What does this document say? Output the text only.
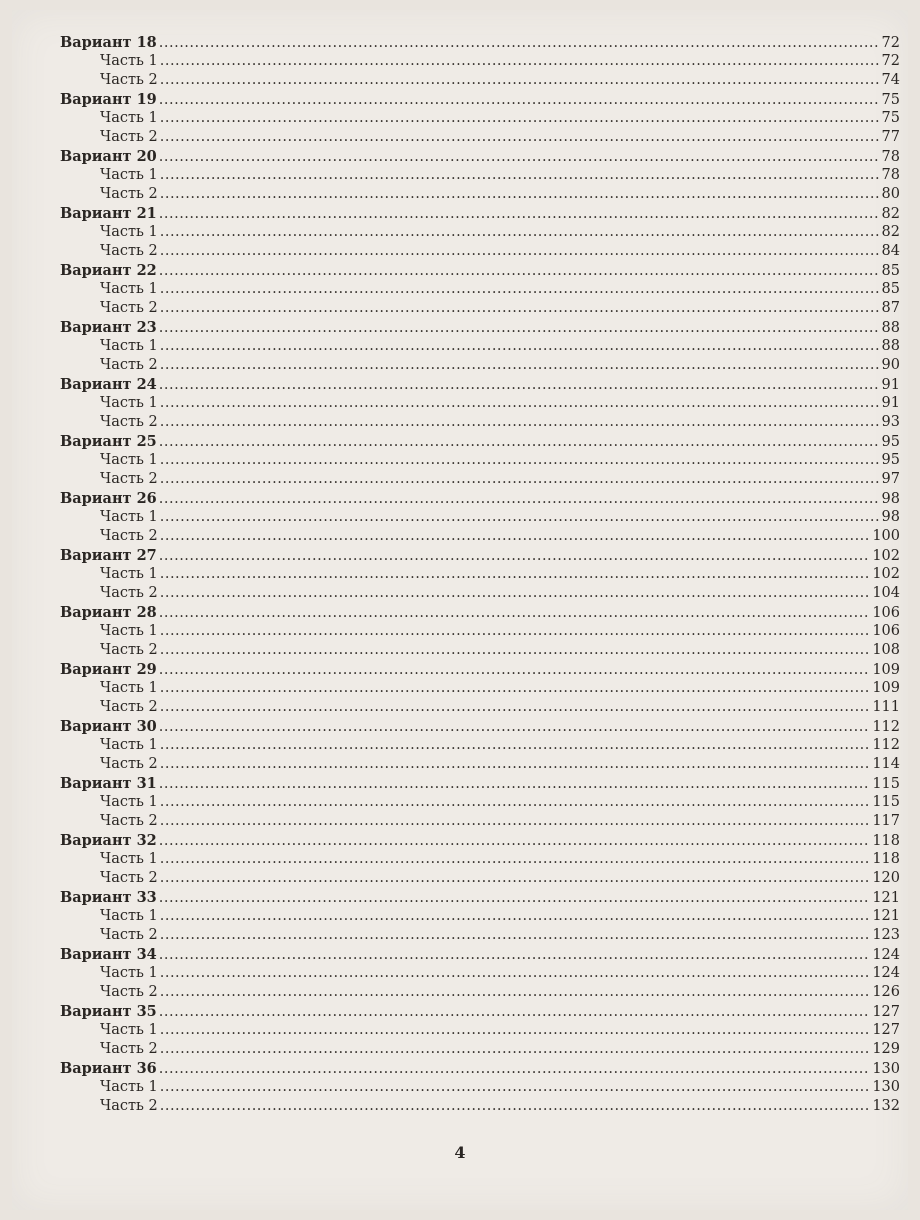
Вариант 18 .....	72
Часть 1 .....	72
Часть 2 .....	74
Вариант 19 .....	75
Часть 1 .....	75
Часть 2 .....	77
Вариант 20 .....	78
Часть 1 .....	78
Часть 2 .....	80
Вариант 21 .....	82
Часть 1 .....	82
Часть 2 .....	84
Вариант 22 .....	85
Часть 1 .....	85
Часть 2 .....	87
Вариант 23 .....	88
Часть 1 .....	88
Часть 2 .....	90
Вариант 24 .....	91
Часть 1 .....	91
Часть 2 .....	93
Вариант 25 .....	95
Часть 1 .....	95
Часть 2 .....	97
Вариант 26 .....	98
Часть 1 .....	98
Часть 2 .....	100
Вариант 27 .....	102
Часть 1 .....	102
Часть 2 .....	104
Вариант 28 .....	106
Часть 1 .....	106
Часть 2 .....	108
Вариант 29 .....	109
Часть 1 .....	109
Часть 2 .....	111
Вариант 30 .....	112
Часть 1 .....	112
Часть 2 .....	114
Вариант 31 .....	115
Часть 1 .....	115
Часть 2 .....	117
Вариант 32 .....	118
Часть 1 .....	118
Часть 2 .....	120
Вариант 33 .....	121
Часть 1 .....	121
Часть 2 .....	123
Вариант 34 .....	124
Часть 1 .....	124
Часть 2 .....	126
Вариант 35 .....	127
Часть 1 .....	127
Часть 2 .....	129
Вариант 36 .....	130
Часть 1 .....	130
Часть 2 .....	132
4
